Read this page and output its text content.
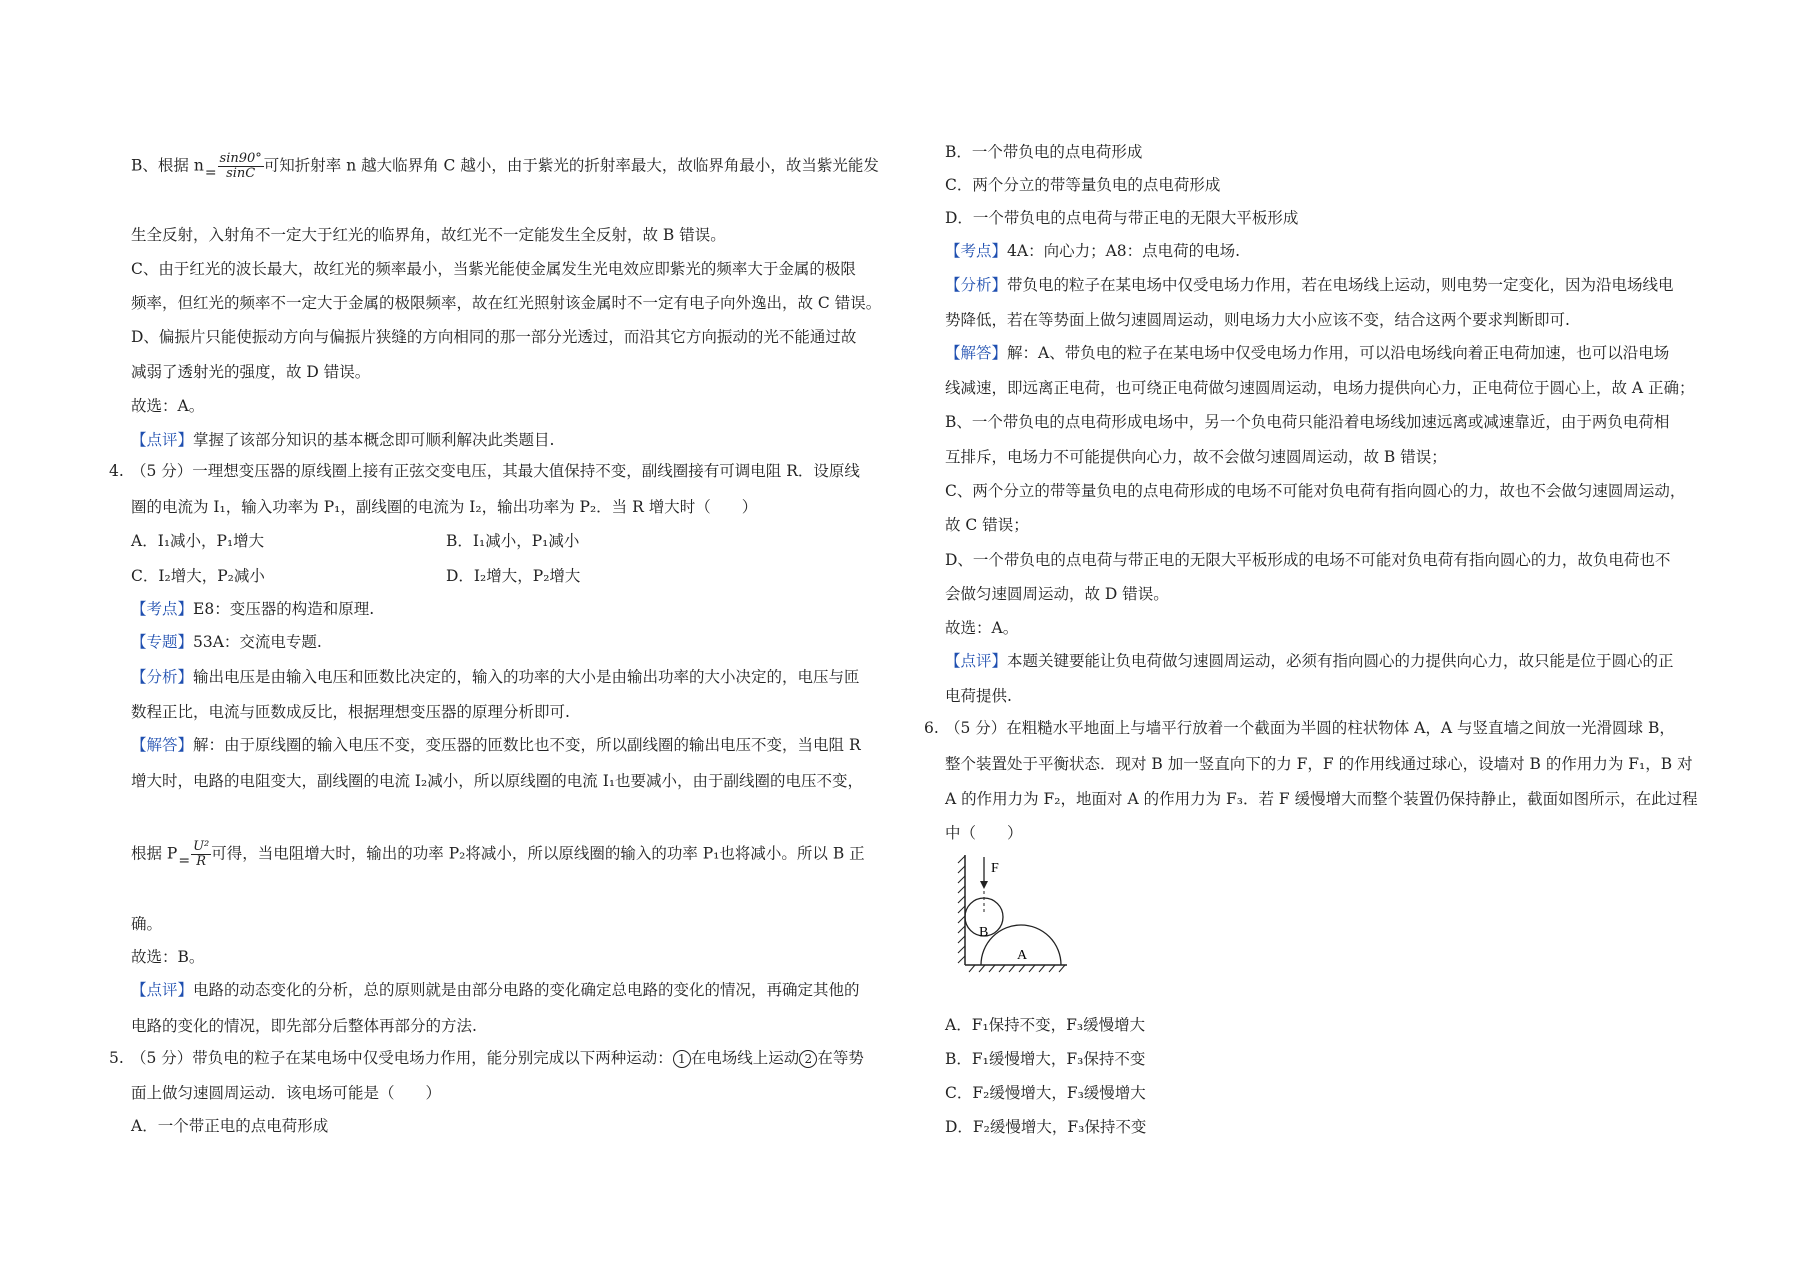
B、根据 $n= \frac{\sin 90^\circ}{\sin C}$ 可知折射率 n 越大临界角 C 越小，由于紫光的折射率最大，故临界角最小，故当紫光能发
生全反射，入射角不一定大于红光的临界角，故红光不一定能发生全反射，故 B 错误。
C、由于红光的波长最大，故红光的频率最小，当紫光能使金属发生光电效应即紫光的频率大于金属的极限
频率，但红光的频率不一定大于金属的极限频率，故在红光照射该金属时不一定有电子向外逸出，故 C 错误。
D、偏振片只能使振动方向与偏振片狭缝的方向相同的那一部分光透过，而沿其它方向振动的光不能通过故
减弱了透射光的强度，故 D 错误。
故选：A。
【点评】掌握了该部分知识的基本概念即可顺利解决此类题目.
4. （5 分）一理想变压器的原线圈上接有正弦交变电压，其最大值保持不变，副线圈接有可调电阻 R．设原线
圈的电流为 I₁，输入功率为 P₁，副线圈的电流为 I₂，输出功率为 P₂．当 R 增大时（　　）
A．I₁减小，P₁增大	B．I₁减小，P₁减小
C．I₂增大，P₂减小	D．I₂增大，P₂增大
【考点】E8：变压器的构造和原理.
【专题】53A：交流电专题.
【分析】输出电压是由输入电压和匝数比决定的，输入的功率的大小是由输出功率的大小决定的，电压与匝
数程正比，电流与匝数成反比，根据理想变压器的原理分析即可.
【解答】解：由于原线圈的输入电压不变，变压器的匝数比也不变，所以副线圈的输出电压不变，当电阻 R
增大时，电路的电阻变大，副线圈的电流 I₂减小，所以原线圈的电流 I₁也要减小，由于副线圈的电压不变，
根据 $P= \frac{\text{U²}}{R}$ 可得，当电阻增大时，输出的功率 P₂将减小，所以原线圈的输入的功率 P₁也将减小。所以 B 正
确。
故选：B。
【点评】电路的动态变化的分析，总的原则就是由部分电路的变化确定总电路的变化的情况，再确定其他的
电路的变化的情况，即先部分后整体再部分的方法.
5. （5 分）带负电的粒子在某电场中仅受电场力作用，能分别完成以下两种运动： 1 在电场线上运动 2 在等势
面上做匀速圆周运动．该电场可能是（　　）
A．一个带正电的点电荷形成
B．一个带负电的点电荷形成
C．两个分立的带等量负电的点电荷形成
D．一个带负电的点电荷与带正电的无限大平板形成
【考点】4A：向心力；A8：点电荷的电场.
【分析】带负电的粒子在某电场中仅受电场力作用，若在电场线上运动，则电势一定变化，因为沿电场线电
势降低，若在等势面上做匀速圆周运动，则电场力大小应该不变，结合这两个要求判断即可.
【解答】解：A、带负电的粒子在某电场中仅受电场力作用，可以沿电场线向着正电荷加速，也可以沿电场
线减速，即远离正电荷，也可绕正电荷做匀速圆周运动，电场力提供向心力，正电荷位于圆心上，故 A 正确；
B、一个带负电的点电荷形成电场中，另一个负电荷只能沿着电场线加速远离或减速靠近，由于两负电荷相
互排斥，电场力不可能提供向心力，故不会做匀速圆周运动，故 B 错误；
C、两个分立的带等量负电的点电荷形成的电场不可能对负电荷有指向圆心的力，故也不会做匀速圆周运动，
故 C 错误；
D、一个带负电的点电荷与带正电的无限大平板形成的电场不可能对负电荷有指向圆心的力，故负电荷也不
会做匀速圆周运动，故 D 错误。
故选：A。
【点评】本题关键要能让负电荷做匀速圆周运动，必须有指向圆心的力提供向心力，故只能是位于圆心的正
电荷提供.
6. （5 分）在粗糙水平地面上与墙平行放着一个截面为半圆的柱状物体 A，A 与竖直墙之间放一光滑圆球 B，
整个装置处于平衡状态．现对 B 加一竖直向下的力 F，F 的作用线通过球心，设墙对 B 的作用力为 F₁，B 对
A 的作用力为 F₂，地面对 A 的作用力为 F₃．若 F 缓慢增大而整个装置仍保持静止，截面如图所示，在此过程
中（　　）
F
B
A
A．F₁保持不变，F₃缓慢增大
B．F₁缓慢增大，F₃保持不变
C．F₂缓慢增大，F₃缓慢增大
D．F₂缓慢增大，F₃保持不变
